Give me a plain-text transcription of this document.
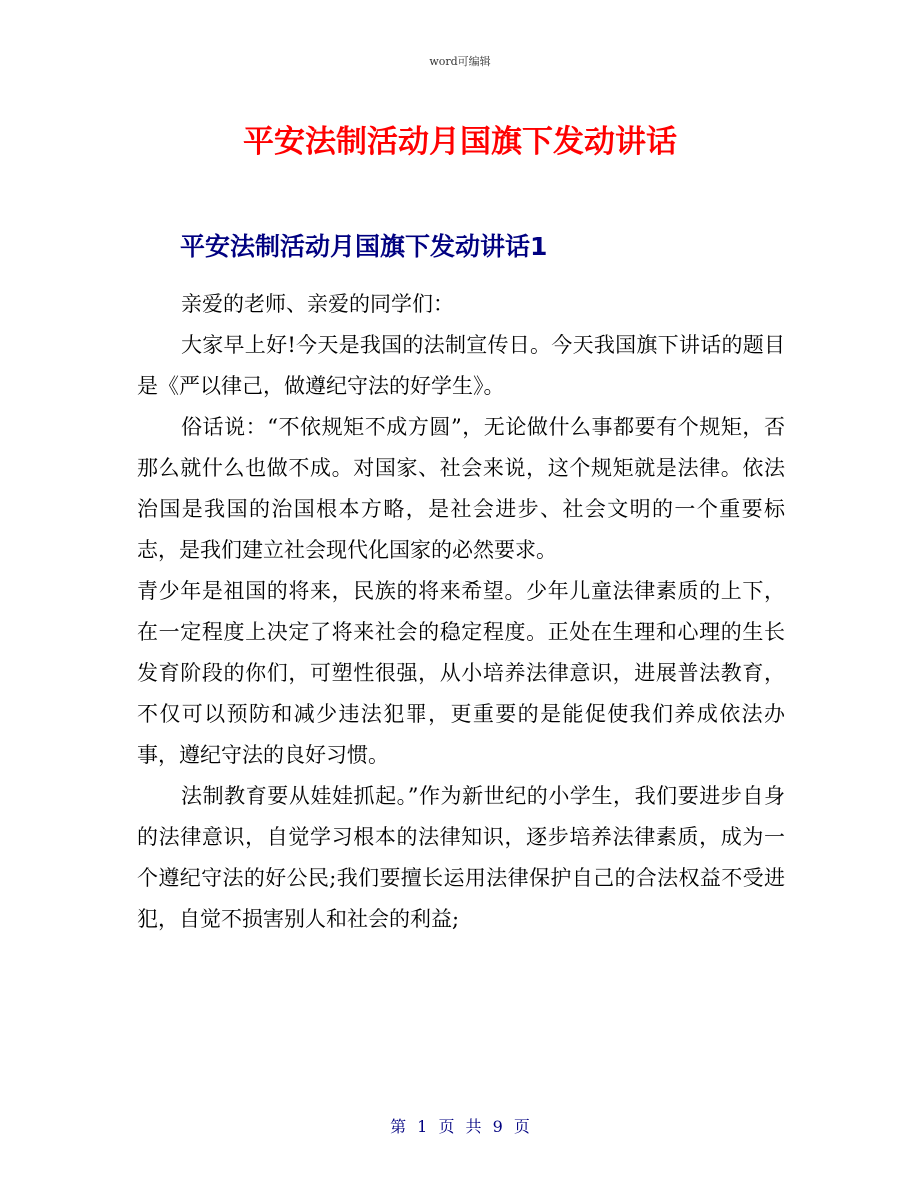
word可编辑
平安法制活动月国旗下发动讲话
平安法制活动月国旗下发动讲话1

亲爱的老师、亲爱的同学们：

大家早上好!今天是我国的法制宣传日。今天我国旗下讲话的题目是《严以律己，做遵纪守法的好学生》。

俗话说：“不依规矩不成方圆”，无论做什么事都要有个规矩，否那么就什么也做不成。对国家、社会来说，这个规矩就是法律。依法治国是我国的治国根本方略，是社会进步、社会文明的一个重要标志，是我们建立社会现代化国家的必然要求。

青少年是祖国的将来，民族的将来希望。少年儿童法律素质的上下，在一定程度上决定了将来社会的稳定程度。正处在生理和心理的生长发育阶段的你们，可塑性很强，从小培养法律意识，进展普法教育，不仅可以预防和减少违法犯罪，更重要的是能促使我们养成依法办事，遵纪守法的良好习惯。

法制教育要从娃娃抓起。”作为新世纪的小学生，我们要进步自身的法律意识，自觉学习根本的法律知识，逐步培养法律素质，成为一个遵纪守法的好公民;我们要擅长运用法律保护自己的合法权益不受进犯，自觉不损害别人和社会的利益;

第 1 页 共 9 页
